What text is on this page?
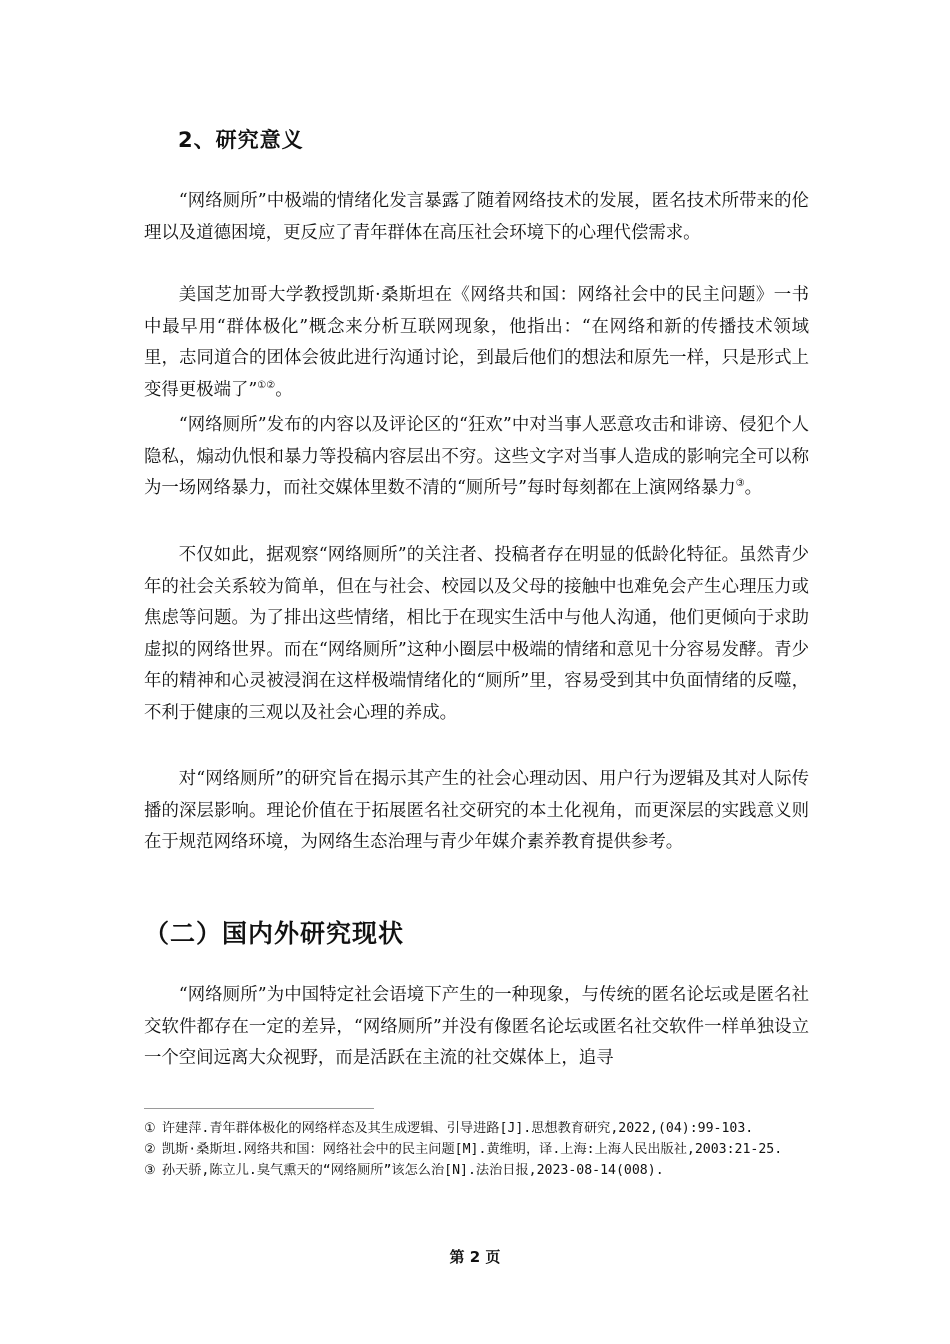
2、研究意义

“网络厕所”中极端的情绪化发言暴露了随着网络技术的发展，匿名技术所带来的伦理以及道德困境，更反应了青年群体在高压社会环境下的心理代偿需求。

美国芝加哥大学教授凯斯·桑斯坦在《网络共和国：网络社会中的民主问题》一书中最早用“群体极化”概念来分析互联网现象，他指出：“在网络和新的传播技术领域里，志同道合的团体会彼此进行沟通讨论，到最后他们的想法和原先一样，只是形式上变得更极端了”①②。

“网络厕所”发布的内容以及评论区的“狂欢”中对当事人恶意攻击和诽谤、侵犯个人隐私，煽动仇恨和暴力等投稿内容层出不穷。这些文字对当事人造成的影响完全可以称为一场网络暴力，而社交媒体里数不清的“厕所号”每时每刻都在上演网络暴力③。

不仅如此，据观察“网络厕所”的关注者、投稿者存在明显的低龄化特征。虽然青少年的社会关系较为简单，但在与社会、校园以及父母的接触中也难免会产生心理压力或焦虑等问题。为了排出这些情绪，相比于在现实生活中与他人沟通，他们更倾向于求助虚拟的网络世界。而在“网络厕所”这种小圈层中极端的情绪和意见十分容易发酵。青少年的精神和心灵被浸润在这样极端情绪化的“厕所”里，容易受到其中负面情绪的反噬，不利于健康的三观以及社会心理的养成。

对“网络厕所”的研究旨在揭示其产生的社会心理动因、用户行为逻辑及其对人际传播的深层影响。理论价值在于拓展匿名社交研究的本土化视角，而更深层的实践意义则在于规范网络环境，为网络生态治理与青少年媒介素养教育提供参考。

（二）国内外研究现状

“网络厕所”为中国特定社会语境下产生的一种现象，与传统的匿名论坛或是匿名社交软件都存在一定的差异，“网络厕所”并没有像匿名论坛或匿名社交软件一样单独设立一个空间远离大众视野，而是活跃在主流的社交媒体上，追寻

① 许建萍.青年群体极化的网络样态及其生成逻辑、引导进路[J].思想教育研究,2022,(04):99-103.

② 凯斯·桑斯坦.网络共和国：网络社会中的民主问题[M].黄维明，译.上海:上海人民出版社,2003:21-25.

③ 孙天骄,陈立儿.臭气熏天的“网络厕所”该怎么治[N].法治日报,2023-08-14(008).

第 2 页
